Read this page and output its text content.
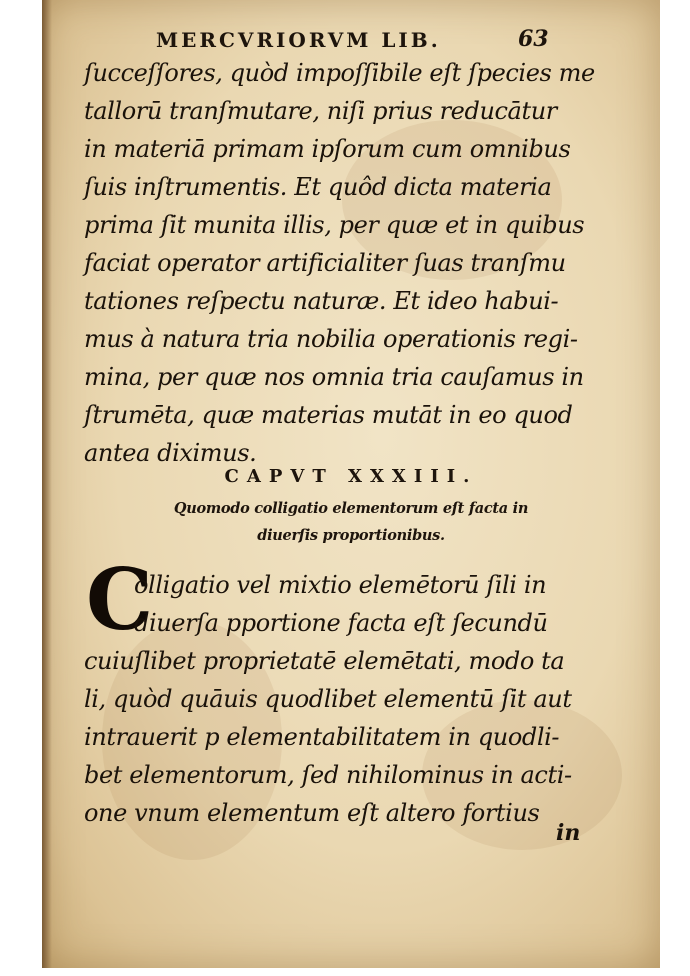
MERCVRIORVM LIB.	63
ſucceſſores, quòd impoſſibile eſt ſpecies me
tallorū tranſmutare, niſi prius reducātur
in materiā primam ipſorum cum omnibus
ſuis inſtrumentis. Et quôd dicta materia
prima ſit munita illis, per quæ et in quibus
faciat operator artificialiter ſuas tranſmu
tationes reſpectu naturæ. Et ideo habui-
mus à natura tria nobilia operationis regi-
mina, per quæ nos omnia tria cauſamus in
ſtrumēta, quæ materias mutāt in eo quod
antea diximus.
CAPVT XXXIII.
Quomodo colligatio elementorum eſt facta in
diuerſis proportionibus.
C
olligatio vel mixtio elemētorū ſili in
diuerſa pportione facta eſt ſecundū
cuiuſlibet proprietatē elemētati, modo ta
li, quòd quāuis quodlibet elementū ſit aut
intrauerit p elementabilitatem in quodli-
bet elementorum, ſed nihilominus in acti-
one vnum elementum eſt altero fortius
in
